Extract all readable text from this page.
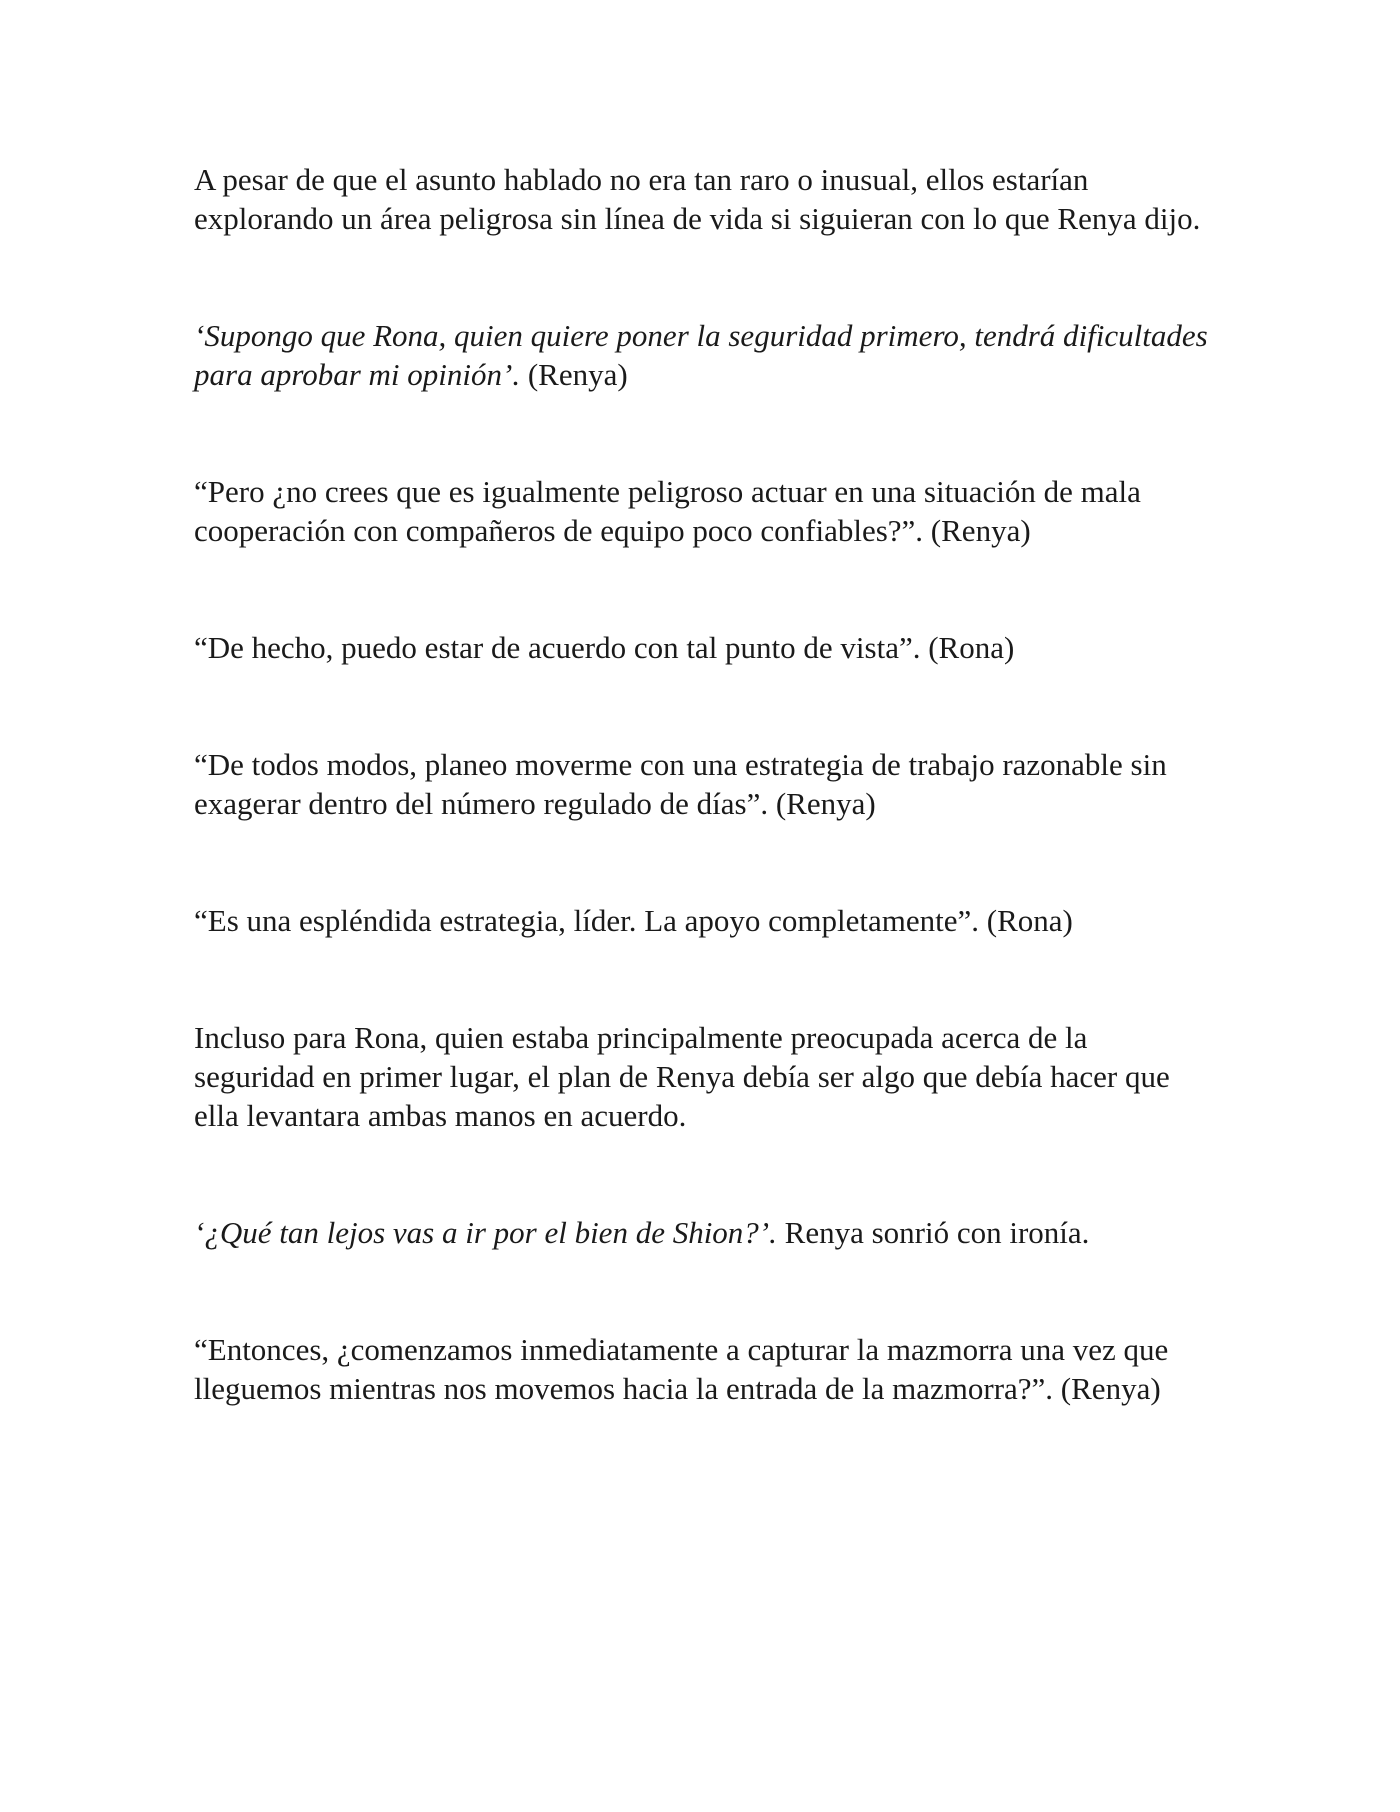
A pesar de que el asunto hablado no era tan raro o inusual, ellos estarían explorando un área peligrosa sin línea de vida si siguieran con lo que Renya dijo.

‘Supongo que Rona, quien quiere poner la seguridad primero, tendrá dificultades para aprobar mi opinión’. (Renya)

“Pero ¿no crees que es igualmente peligroso actuar en una situación de mala cooperación con compañeros de equipo poco confiables?”. (Renya)

“De hecho, puedo estar de acuerdo con tal punto de vista”. (Rona)

“De todos modos, planeo moverme con una estrategia de trabajo razonable sin exagerar dentro del número regulado de días”. (Renya)

“Es una espléndida estrategia, líder. La apoyo completamente”. (Rona)

Incluso para Rona, quien estaba principalmente preocupada acerca de la seguridad en primer lugar, el plan de Renya debía ser algo que debía hacer que ella levantara ambas manos en acuerdo.

‘¿Qué tan lejos vas a ir por el bien de Shion?’. Renya sonrió con ironía.

“Entonces, ¿comenzamos inmediatamente a capturar la mazmorra una vez que lleguemos mientras nos movemos hacia la entrada de la mazmorra?”. (Renya)
